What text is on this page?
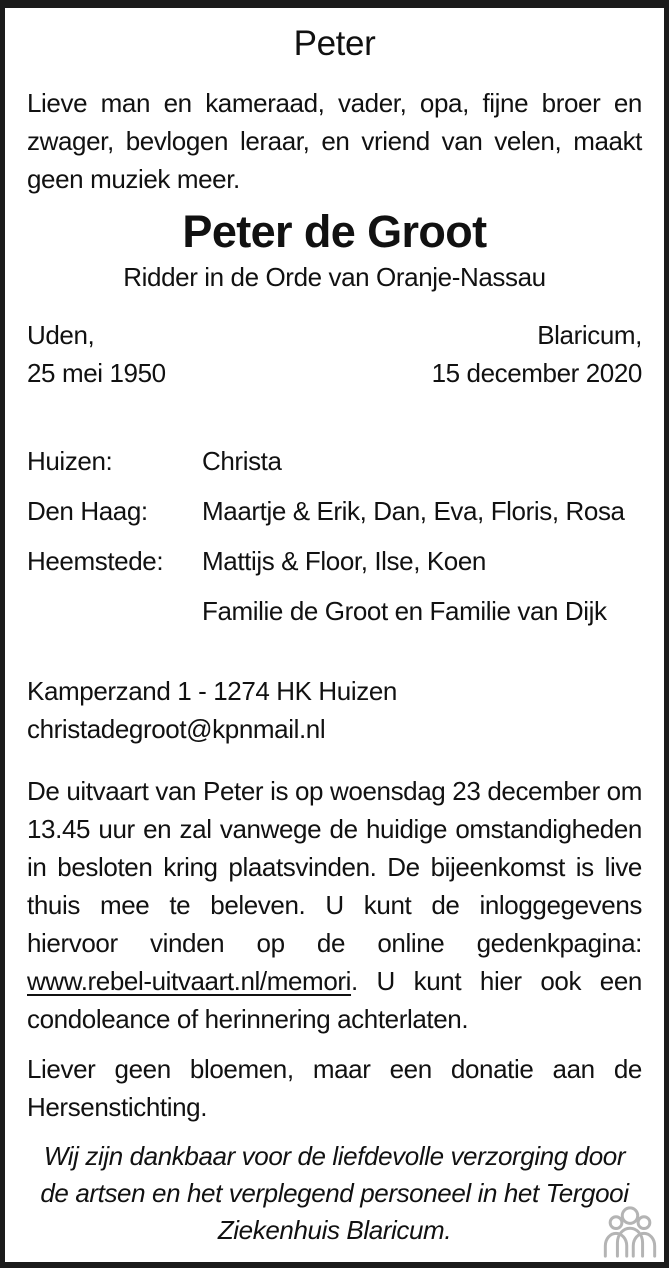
Peter
Lieve man en kameraad, vader, opa, fijne broer en zwager, bevlogen leraar, en vriend van velen, maakt geen muziek meer.
Peter de Groot
Ridder in de Orde van Oranje-Nassau
Uden,
25 mei 1950
Blaricum,
15 december 2020
Huizen:	Christa
Den Haag:	Maartje & Erik, Dan, Eva, Floris, Rosa
Heemstede:	Mattijs & Floor, Ilse, Koen
Familie de Groot en Familie van Dijk
Kamperzand 1 - 1274 HK Huizen
christadegroot@kpnmail.nl
De uitvaart van Peter is op woensdag 23 december om 13.45 uur en zal vanwege de huidige omstandigheden in besloten kring plaatsvinden. De bijeenkomst is live thuis mee te beleven. U kunt de inloggegevens hiervoor vinden op de online gedenkpagina: www.rebel-uitvaart.nl/memori. U kunt hier ook een condoleance of herinnering achterlaten.
Liever geen bloemen, maar een donatie aan de Hersenstichting.
Wij zijn dankbaar voor de liefdevolle verzorging door de artsen en het verplegend personeel in het Tergooi Ziekenhuis Blaricum.
